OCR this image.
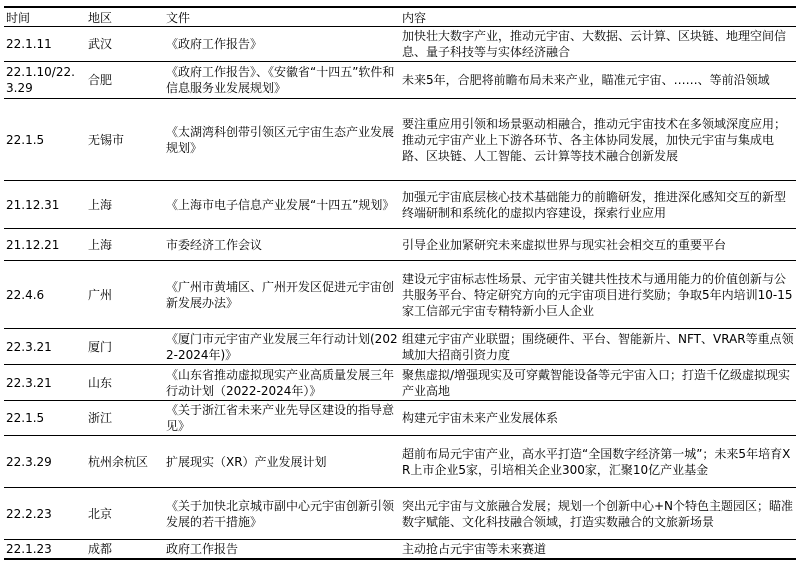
时间	地区	文件	内容
22.1.11	武汉	《政府工作报告》	加快壮大数字产业，推动元宇宙、大数据、云计算、区块链、地理空间信息、量子科技等与实体经济融合
22.1.10/22.3.29	合肥	《政府工作报告》、《安徽省“十四五”软件和信息服务业发展规划》	未来5年，合肥将前瞻布局未来产业，瞄准元宇宙、……、等前沿领域
22.1.5	无锡市	《太湖湾科创带引领区元宇宙生态产业发展规划》	要注重应用引领和场景驱动相融合，推动元宇宙技术在多领域深度应用；推动元宇宙产业上下游各环节、各主体协同发展，加快元宇宙与集成电路、区块链、人工智能、云计算等技术融合创新发展
21.12.31	上海	《上海市电子信息产业发展“十四五”规划》	加强元宇宙底层核心技术基础能力的前瞻研发，推进深化感知交互的新型终端研制和系统化的虚拟内容建设，探索行业应用
21.12.21	上海	市委经济工作会议	引导企业加紧研究未来虚拟世界与现实社会相交互的重要平台
22.4.6	广州	《广州市黄埔区、广州开发区促进元宇宙创新发展办法》	建设元宇宙标志性场景、元宇宙关键共性技术与通用能力的价值创新与公共服务平台、特定研究方向的元宇宙项目进行奖励；争取5年内培训10-15家工信部元宇宙专精特新小巨人企业
22.3.21	厦门	《厦门市元宇宙产业发展三年行动计划(2022-2024年)》	组建元宇宙产业联盟；围绕硬件、平台、智能新片、NFT、VRAR等重点领域加大招商引资力度
22.3.21	山东	《山东省推动虚拟现实产业高质量发展三年行动计划（2022-2024年）》	聚焦虚拟/增强现实及可穿戴智能设备等元宇宙入口；打造千亿级虚拟现实产业高地
22.1.5	浙江	《关于浙江省未来产业先导区建设的指导意见》	构建元宇宙未来产业发展体系
22.3.29	杭州余杭区	扩展现实（XR）产业发展计划	超前布局元宇宙产业，高水平打造“全国数字经济第一城”；未来5年培育XR上市企业5家，引培相关企业300家，汇聚10亿产业基金
22.2.23	北京	《关于加快北京城市副中心元宇宙创新引领发展的若干措施》	突出元宇宙与文旅融合发展；规划一个创新中心+N个特色主题园区；瞄准数字赋能、文化科技融合领域，打造实数融合的文旅新场景
22.1.23	成都	政府工作报告	主动抢占元宇宙等未来赛道
